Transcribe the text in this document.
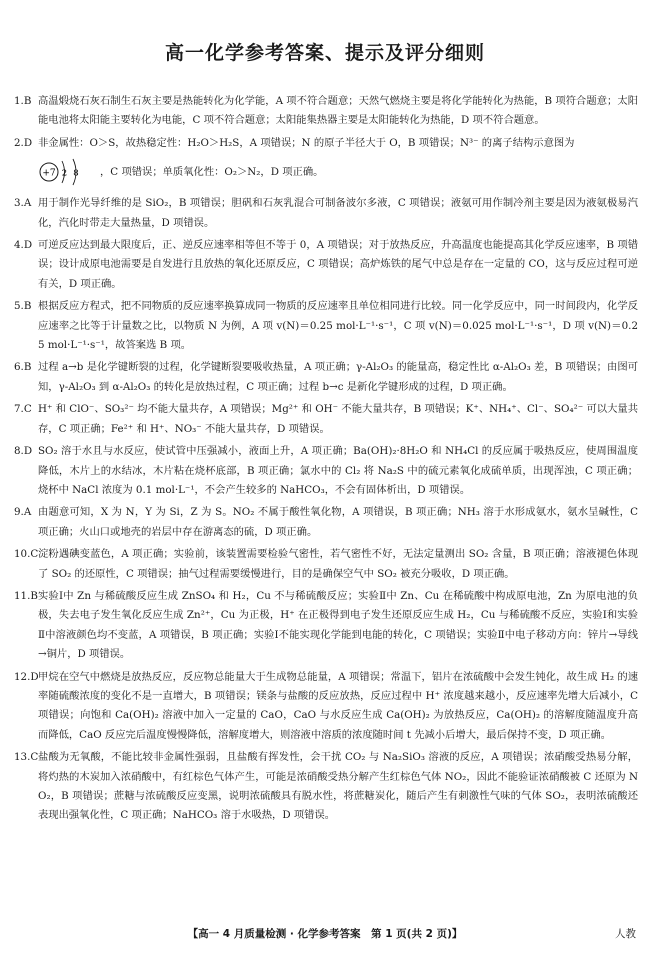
高一化学参考答案、提示及评分细则
1.B 高温煅烧石灰石制生石灰主要是热能转化为化学能，A 项不符合题意；天然气燃烧主要是将化学能转化为热能，B 项符合题意；太阳能电池将太阳能主要转化为电能，C 项不符合题意；太阳能集热器主要是太阳能转化为热能，D 项不符合题意。
2.D 非金属性：O＞S，故热稳定性：H₂O＞H₂S，A 项错误；N 的原子半径大于 O，B 项错误；N³⁻ 的离子结构示意图为
+7 2 8 ，C 项错误；单质氧化性：O₂＞N₂，D 项正确。
3.A 用于制作光导纤维的是 SiO₂，B 项错误；胆矾和石灰乳混合可制备波尔多液，C 项错误；液氨可用作制冷剂主要是因为液氨极易汽化，汽化时带走大量热量，D 项错误。
4.D 可逆反应达到最大限度后，正、逆反应速率相等但不等于 0，A 项错误；对于放热反应，升高温度也能提高其化学反应速率，B 项错误；设计成原电池需要是自发进行且放热的氧化还原反应，C 项错误；高炉炼铁的尾气中总是存在一定量的 CO，这与反应过程可逆有关，D 项正确。
5.B 根据反应方程式，把不同物质的反应速率换算成同一物质的反应速率且单位相同进行比较。同一化学反应中，同一时间段内，化学反应速率之比等于计量数之比，以物质 N 为例，A 项 v(N)＝0.25 mol·L⁻¹·s⁻¹，C 项 v(N)＝0.025 mol·L⁻¹·s⁻¹，D 项 v(N)＝0.25 mol·L⁻¹·s⁻¹，故答案选 B 项。
6.B 过程 a→b 是化学键断裂的过程，化学键断裂要吸收热量，A 项正确；γ-Al₂O₃ 的能量高，稳定性比 α-Al₂O₃ 差，B 项错误；由图可知，γ-Al₂O₃ 到 α-Al₂O₃ 的转化是放热过程，C 项正确；过程 b→c 是新化学键形成的过程，D 项正确。
7.C H⁺ 和 ClO⁻、SO₃²⁻ 均不能大量共存，A 项错误；Mg²⁺ 和 OH⁻ 不能大量共存，B 项错误；K⁺、NH₄⁺、Cl⁻、SO₄²⁻ 可以大量共存，C 项正确；Fe²⁺ 和 H⁺、NO₃⁻ 不能大量共存，D 项错误。
8.D SO₂ 溶于水且与水反应，使试管中压强减小，液面上升，A 项正确；Ba(OH)₂·8H₂O 和 NH₄Cl 的反应属于吸热反应，使周围温度降低，木片上的水结冰，木片粘在烧杯底部，B 项正确；氯水中的 Cl₂ 将 Na₂S 中的硫元素氧化成硫单质，出现浑浊，C 项正确；烧杯中 NaCl 浓度为 0.1 mol·L⁻¹，不会产生较多的 NaHCO₃，不会有固体析出，D 项错误。
9.A 由题意可知，X 为 N，Y 为 Si，Z 为 S。NO₂ 不属于酸性氧化物，A 项错误，B 项正确；NH₃ 溶于水形成氨水，氨水呈碱性，C 项正确；火山口或地壳的岩层中存在游离态的硫，D 项正确。
10.C 淀粉遇碘变蓝色，A 项正确；实验前，该装置需要检验气密性，若气密性不好，无法定量测出 SO₂ 含量，B 项正确；溶液褪色体现了 SO₂ 的还原性，C 项错误；抽气过程需要缓慢进行，目的是确保空气中 SO₂ 被充分吸收，D 项正确。
11.B 实验Ⅰ中 Zn 与稀硫酸反应生成 ZnSO₄ 和 H₂，Cu 不与稀硫酸反应；实验Ⅱ中 Zn、Cu 在稀硫酸中构成原电池，Zn 为原电池的负极，失去电子发生氧化反应生成 Zn²⁺，Cu 为正极，H⁺ 在正极得到电子发生还原反应生成 H₂，Cu 与稀硫酸不反应，实验Ⅰ和实验Ⅱ中溶液颜色均不变蓝，A 项错误，B 项正确；实验Ⅰ不能实现化学能到电能的转化，C 项错误；实验Ⅱ中电子移动方向：锌片→导线→铜片，D 项错误。
12.D 甲烷在空气中燃烧是放热反应，反应物总能量大于生成物总能量，A 项错误；常温下，铝片在浓硫酸中会发生钝化，故生成 H₂ 的速率随硫酸浓度的变化不是一直增大，B 项错误；镁条与盐酸的反应放热，反应过程中 H⁺ 浓度越来越小，反应速率先增大后减小，C 项错误；向饱和 Ca(OH)₂ 溶液中加入一定量的 CaO，CaO 与水反应生成 Ca(OH)₂ 为放热反应，Ca(OH)₂ 的溶解度随温度升高而降低，CaO 反应完后温度慢慢降低，溶解度增大，则溶液中溶质的浓度随时间 t 先减小后增大，最后保持不变，D 项正确。
13.C 盐酸为无氧酸，不能比较非金属性强弱，且盐酸有挥发性，会干扰 CO₂ 与 Na₂SiO₃ 溶液的反应，A 项错误；浓硝酸受热易分解，将灼热的木炭加入浓硝酸中，有红棕色气体产生，可能是浓硝酸受热分解产生红棕色气体 NO₂，因此不能验证浓硝酸被 C 还原为 NO₂，B 项错误；蔗糖与浓硫酸反应变黑，说明浓硫酸具有脱水性，将蔗糖炭化，随后产生有刺激性气味的气体 SO₂，表明浓硫酸还表现出强氧化性，C 项正确；NaHCO₃ 溶于水吸热，D 项错误。
【高一 4 月质量检测 · 化学参考答案　第 1 页(共 2 页)】	人教
